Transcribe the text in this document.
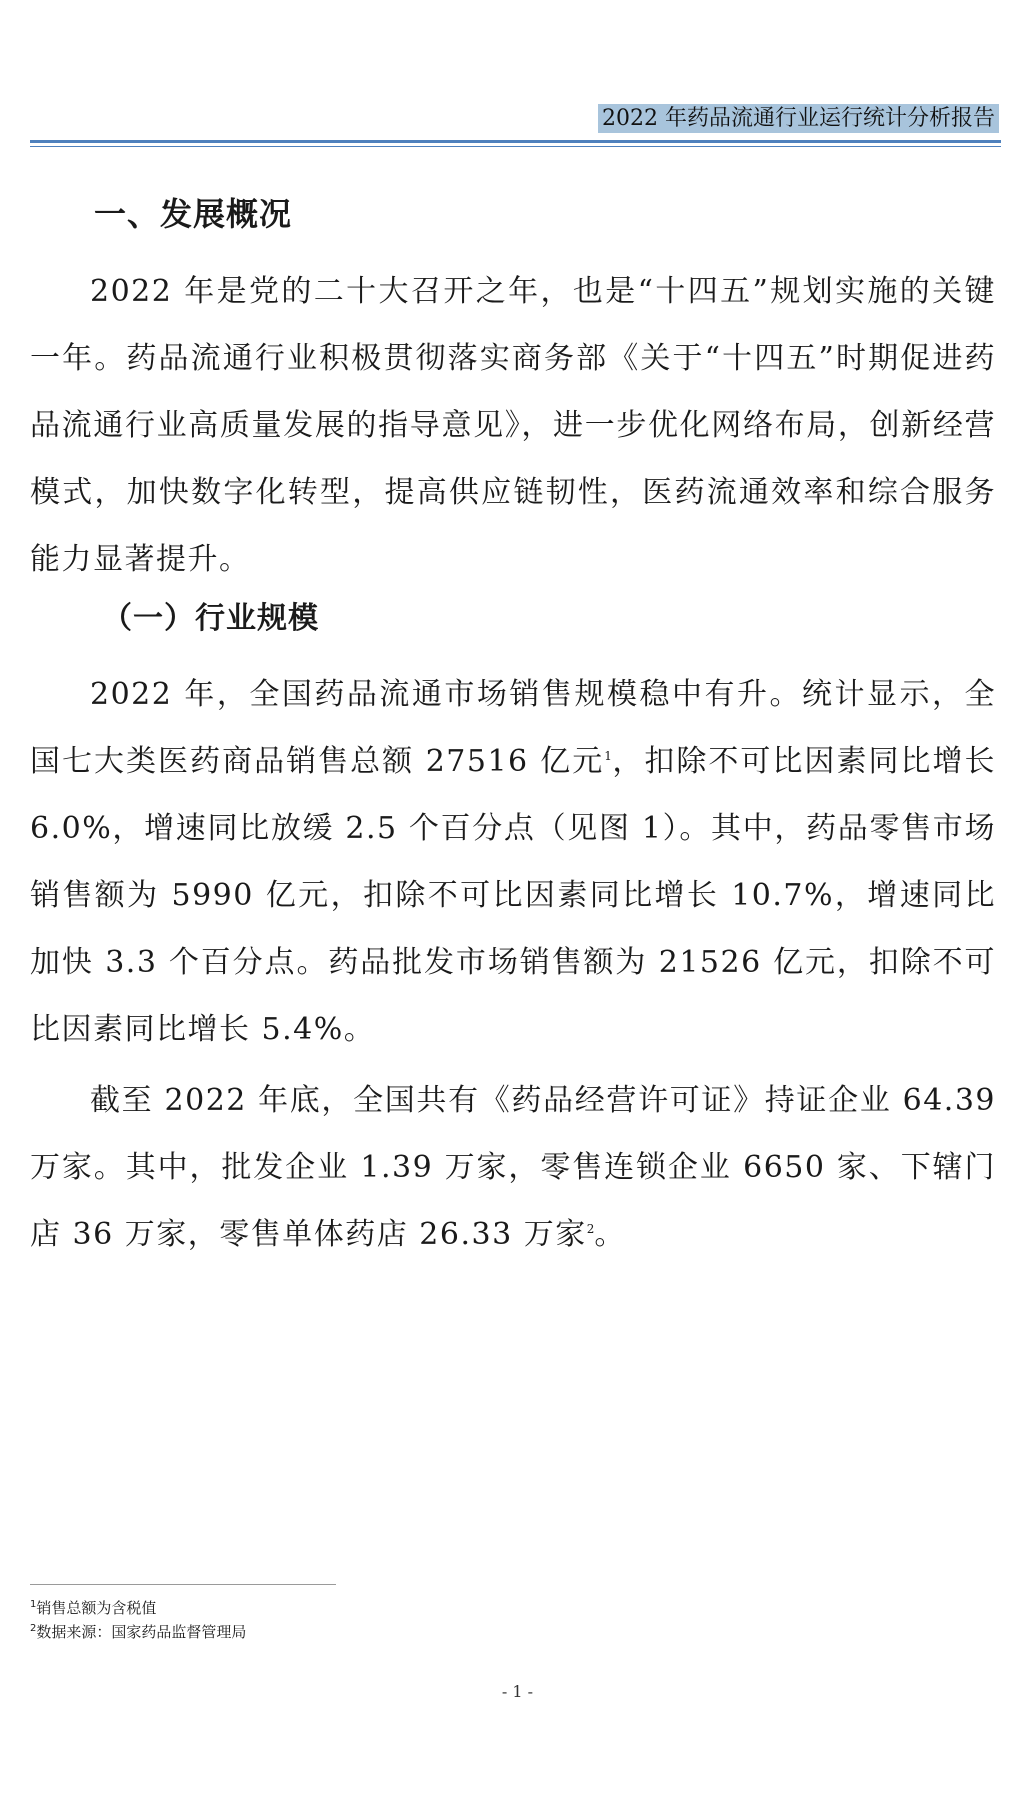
2022 年药品流通行业运行统计分析报告
一、发展概况

2022 年是党的二十大召开之年，也是“十四五”规划实施的关键一年。药品流通行业积极贯彻落实商务部《关于“十四五”时期促进药品流通行业高质量发展的指导意见》，进一步优化网络布局，创新经营模式，加快数字化转型，提高供应链韧性，医药流通效率和综合服务能力显著提升。

（一）行业规模

2022 年，全国药品流通市场销售规模稳中有升。统计显示，全国七大类医药商品销售总额 27516 亿元$^1$，扣除不可比因素同比增长 6.0%，增速同比放缓 2.5 个百分点（见图 1）。其中，药品零售市场销售额为 5990 亿元，扣除不可比因素同比增长 10.7%，增速同比加快 3.3 个百分点。药品批发市场销售额为 21526 亿元，扣除不可比因素同比增长 5.4%。

截至 2022 年底，全国共有《药品经营许可证》持证企业 64.39 万家。其中，批发企业 1.39 万家，零售连锁企业 6650 家、下辖门店 36 万家，零售单体药店 26.33 万家$^2$。

$^1$销售总额为含税值
$^2$数据来源：国家药品监督管理局
- 1 -
